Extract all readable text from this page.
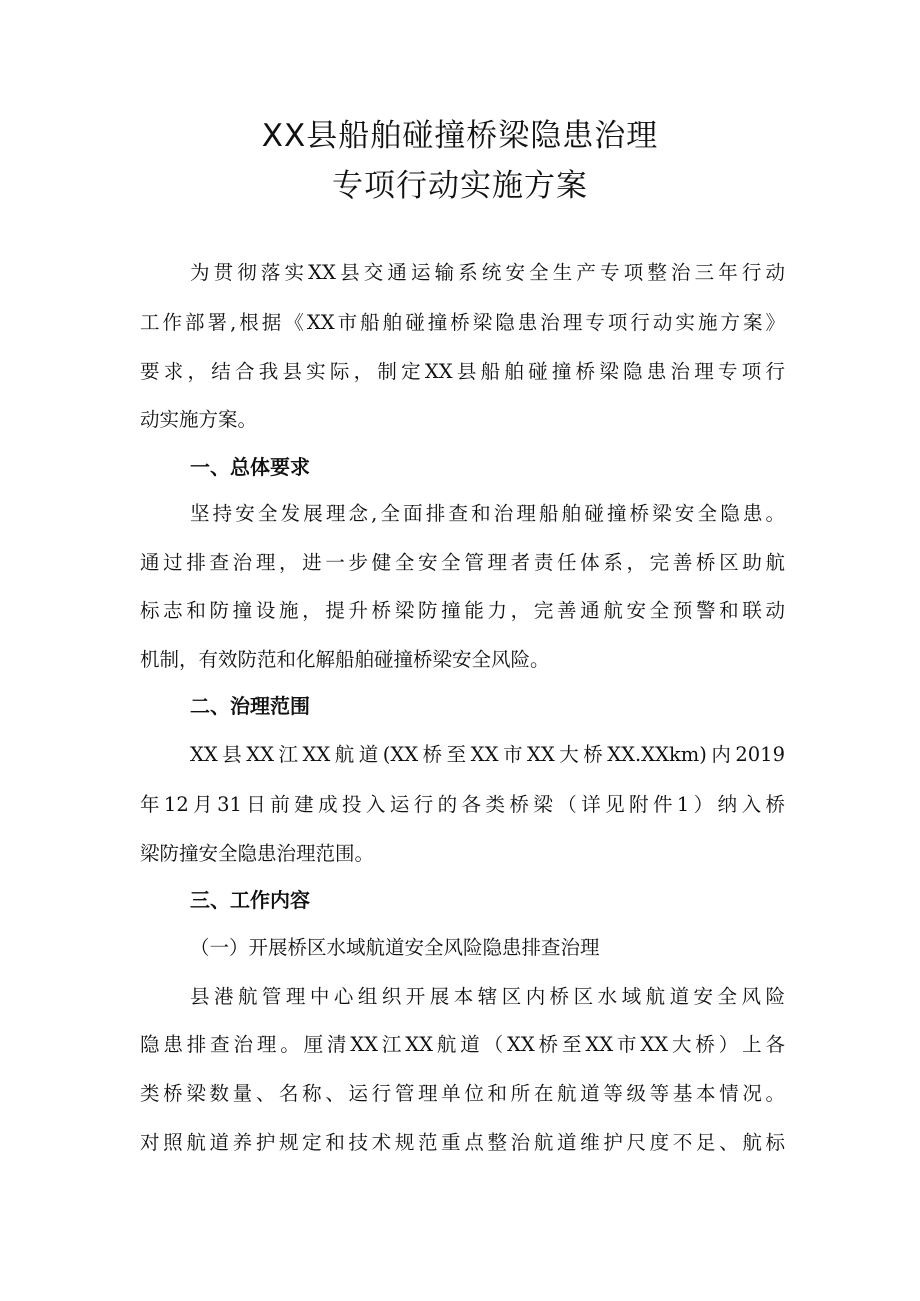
XX县船舶碰撞桥梁隐患治理
专项行动实施方案
为贯彻落实XX县交通运输系统安全生产专项整治三年行动
工作部署,根据《XX市船舶碰撞桥梁隐患治理专项行动实施方案》
要求，结合我县实际，制定XX县船舶碰撞桥梁隐患治理专项行
动实施方案。
一、总体要求
坚持安全发展理念,全面排查和治理船舶碰撞桥梁安全隐患。
通过排查治理，进一步健全安全管理者责任体系，完善桥区助航
标志和防撞设施，提升桥梁防撞能力，完善通航安全预警和联动
机制，有效防范和化解船舶碰撞桥梁安全风险。
二、治理范围
XX县XX江XX航道(XX桥至XX市XX大桥XX.XXkm)内2019
年12月31日前建成投入运行的各类桥梁（详见附件1）纳入桥
梁防撞安全隐患治理范围。
三、工作内容
（一）开展桥区水域航道安全风险隐患排查治理
县港航管理中心组织开展本辖区内桥区水域航道安全风险
隐患排查治理。厘清XX江XX航道（XX桥至XX市XX大桥）上各
类桥梁数量、名称、运行管理单位和所在航道等级等基本情况。
对照航道养护规定和技术规范重点整治航道维护尺度不足、航标
